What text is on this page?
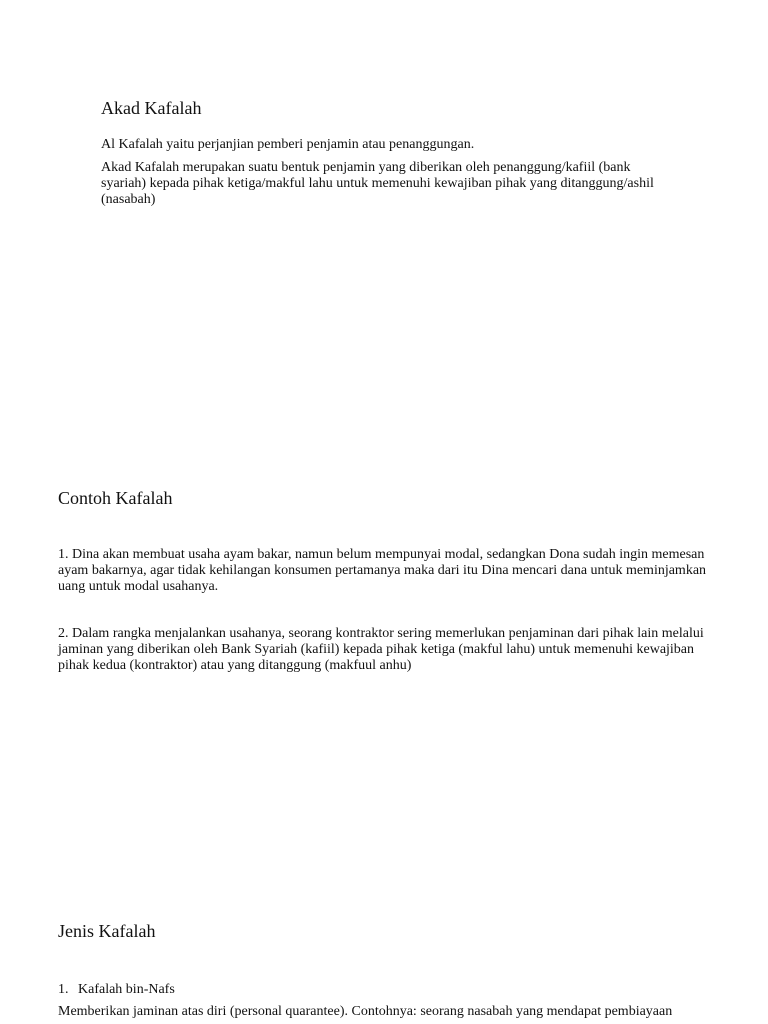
Akad Kafalah

Al Kafalah yaitu perjanjian pemberi penjamin atau penanggungan.

Akad Kafalah merupakan suatu bentuk penjamin yang diberikan oleh penanggung/kafiil (bank syariah) kepada pihak ketiga/makful lahu untuk memenuhi kewajiban pihak yang ditanggung/ashil (nasabah)

Contoh Kafalah

1. Dina akan membuat usaha ayam bakar, namun belum mempunyai modal, sedangkan Dona sudah ingin memesan ayam bakarnya, agar tidak kehilangan konsumen pertamanya maka dari itu Dina mencari dana untuk meminjamkan uang untuk modal usahanya.

2. Dalam rangka menjalankan usahanya, seorang kontraktor sering memerlukan penjaminan dari pihak lain melalui jaminan yang diberikan oleh Bank Syariah (kafiil) kepada pihak ketiga (makful lahu) untuk memenuhi kewajiban pihak kedua (kontraktor) atau yang ditanggung (makfuul anhu)

Jenis Kafalah

1. Kafalah bin-Nafs

Memberikan jaminan atas diri (personal quarantee). Contohnya: seorang nasabah yang mendapat pembiayaan
